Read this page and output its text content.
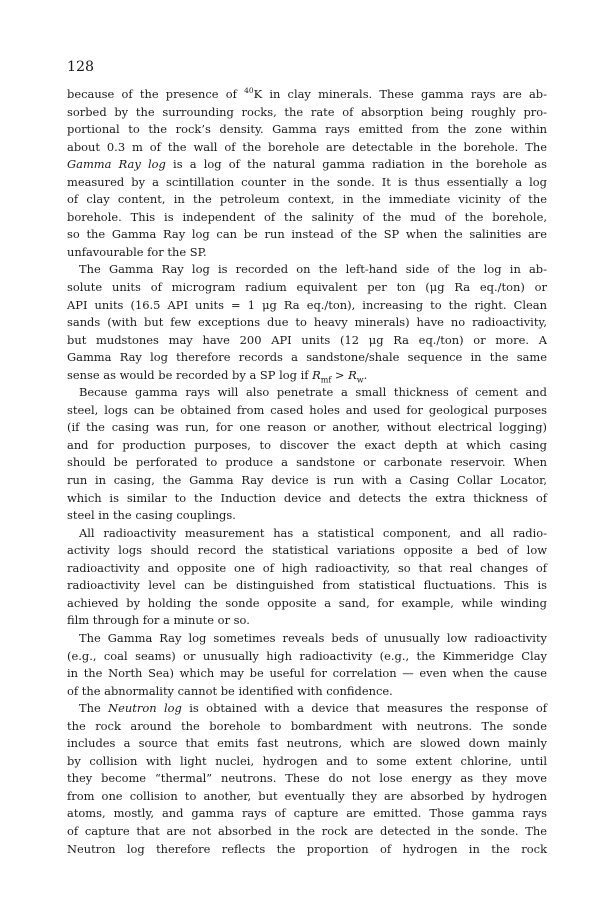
128
because of the presence of $^{40}$K in clay minerals. These gamma rays are ab-
sorbed by the surrounding rocks, the rate of absorption being roughly pro-
portional to the rock’s density. Gamma rays emitted from the zone within
about 0.3 m of the wall of the borehole are detectable in the borehole. The
Gamma Ray log is a log of the natural gamma radiation in the borehole as
measured by a scintillation counter in the sonde. It is thus essentially a log
of clay content, in the petroleum context, in the immediate vicinity of the
borehole. This is independent of the salinity of the mud of the borehole,
so the Gamma Ray log can be run instead of the SP when the salinities are
unfavourable for the SP.
The Gamma Ray log is recorded on the left-hand side of the log in ab-
solute units of microgram radium equivalent per ton (μg Ra eq./ton) or
API units (16.5 API units = 1 μg Ra eq./ton), increasing to the right. Clean
sands (with but few exceptions due to heavy minerals) have no radioactivity,
but mudstones may have 200 API units (12 μg Ra eq./ton) or more. A
Gamma Ray log therefore records a sandstone/shale sequence in the same
sense as would be recorded by a SP log if $R_{mf} > R_w$.
Because gamma rays will also penetrate a small thickness of cement and
steel, logs can be obtained from cased holes and used for geological purposes
(if the casing was run, for one reason or another, without electrical logging)
and for production purposes, to discover the exact depth at which casing
should be perforated to produce a sandstone or carbonate reservoir. When
run in casing, the Gamma Ray device is run with a Casing Collar Locator,
which is similar to the Induction device and detects the extra thickness of
steel in the casing couplings.
All radioactivity measurement has a statistical component, and all radio-
activity logs should record the statistical variations opposite a bed of low
radioactivity and opposite one of high radioactivity, so that real changes of
radioactivity level can be distinguished from statistical fluctuations. This is
achieved by holding the sonde opposite a sand, for example, while winding
film through for a minute or so.
The Gamma Ray log sometimes reveals beds of unusually low radioactivity
(e.g., coal seams) or unusually high radioactivity (e.g., the Kimmeridge Clay
in the North Sea) which may be useful for correlation — even when the cause
of the abnormality cannot be identified with confidence.
The Neutron log is obtained with a device that measures the response of
the rock around the borehole to bombardment with neutrons. The sonde
includes a source that emits fast neutrons, which are slowed down mainly
by collision with light nuclei, hydrogen and to some extent chlorine, until
they become “thermal” neutrons. These do not lose energy as they move
from one collision to another, but eventually they are absorbed by hydrogen
atoms, mostly, and gamma rays of capture are emitted. Those gamma rays
of capture that are not absorbed in the rock are detected in the sonde. The
Neutron log therefore reflects the proportion of hydrogen in the rock
